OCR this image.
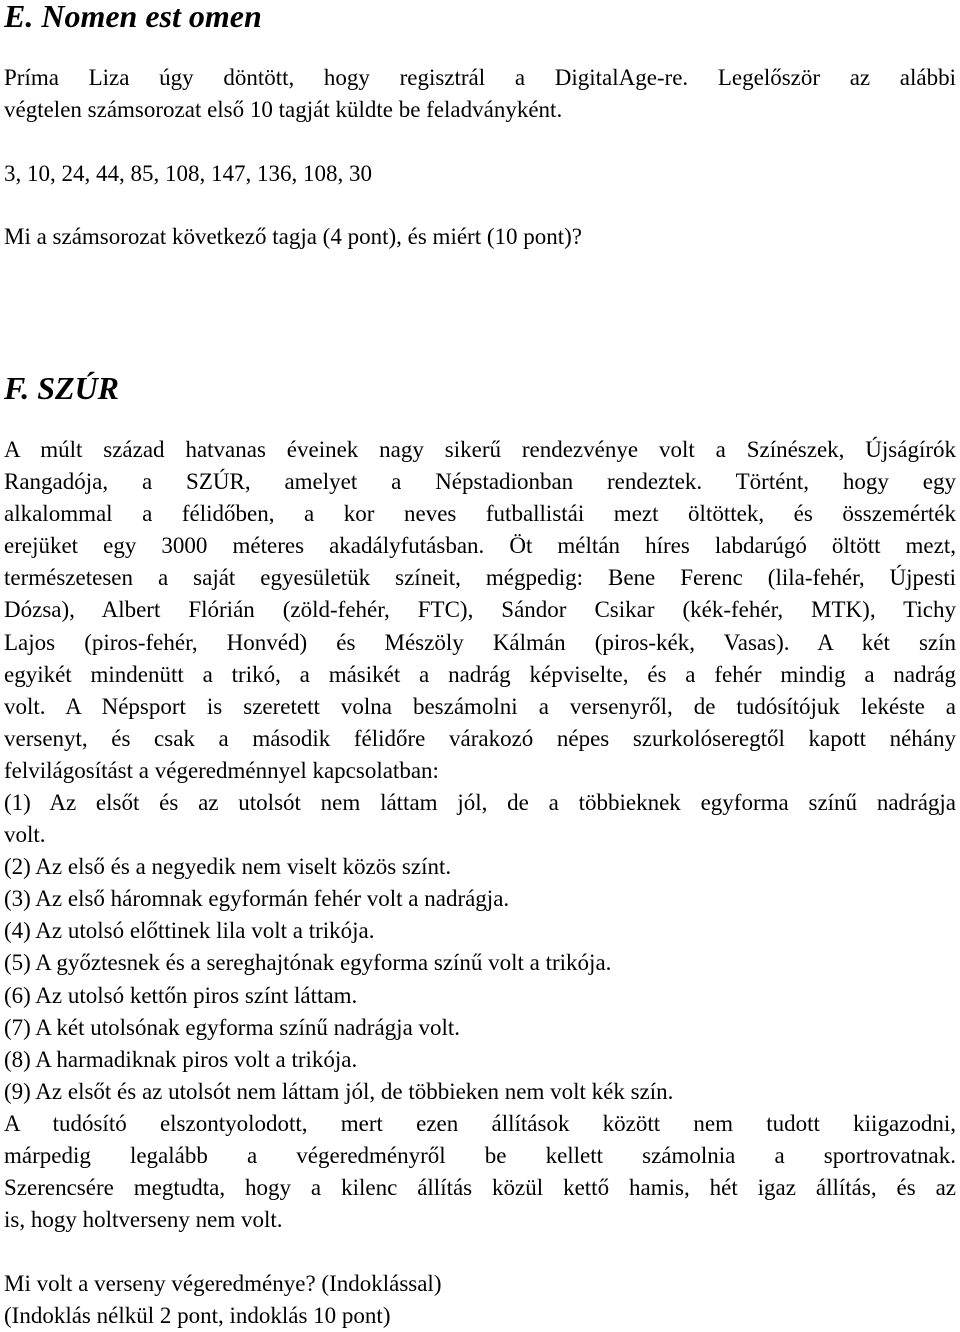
E. Nomen est omen
Príma Liza úgy döntött, hogy regisztrál a DigitalAge-re. Legelőször az alábbi
végtelen számsorozat első 10 tagját küldte be feladványként.
3, 10, 24, 44, 85, 108, 147, 136, 108, 30
Mi a számsorozat következő tagja (4 pont), és miért (10 pont)?
F. SZÚR
A múlt század hatvanas éveinek nagy sikerű rendezvénye volt a Színészek, Újságírók
Rangadója, a SZÚR, amelyet a Népstadionban rendeztek. Történt, hogy egy
alkalommal a félidőben, a kor neves futballistái mezt öltöttek, és összemérték
erejüket egy 3000 méteres akadályfutásban. Öt méltán híres labdarúgó öltött mezt,
természetesen a saját egyesületük színeit, mégpedig: Bene Ferenc (lila-fehér, Újpesti
Dózsa), Albert Flórián (zöld-fehér, FTC), Sándor Csikar (kék-fehér, MTK), Tichy
Lajos (piros-fehér, Honvéd) és Mészöly Kálmán (piros-kék, Vasas). A két szín
egyikét mindenütt a trikó, a másikét a nadrág képviselte, és a fehér mindig a nadrág
volt. A Népsport is szeretett volna beszámolni a versenyről, de tudósítójuk lekéste a
versenyt, és csak a második félidőre várakozó népes szurkolóseregtől kapott néhány
felvilágosítást a végeredménnyel kapcsolatban:
(1) Az elsőt és az utolsót nem láttam jól, de a többieknek egyforma színű nadrágja
volt.
(2) Az első és a negyedik nem viselt közös színt.
(3) Az első háromnak egyformán fehér volt a nadrágja.
(4) Az utolsó előttinek lila volt a trikója.
(5) A győztesnek és a sereghajtónak egyforma színű volt a trikója.
(6) Az utolsó kettőn piros színt láttam.
(7) A két utolsónak egyforma színű nadrágja volt.
(8) A harmadiknak piros volt a trikója.
(9) Az elsőt és az utolsót nem láttam jól, de többieken nem volt kék szín.
A tudósító elszontyolodott, mert ezen állítások között nem tudott kiigazodni,
márpedig legalább a végeredményről be kellett számolnia a sportrovatnak.
Szerencsére megtudta, hogy a kilenc állítás közül kettő hamis, hét igaz állítás, és az
is, hogy holtverseny nem volt.
Mi volt a verseny végeredménye? (Indoklással)
(Indoklás nélkül 2 pont, indoklás 10 pont)
